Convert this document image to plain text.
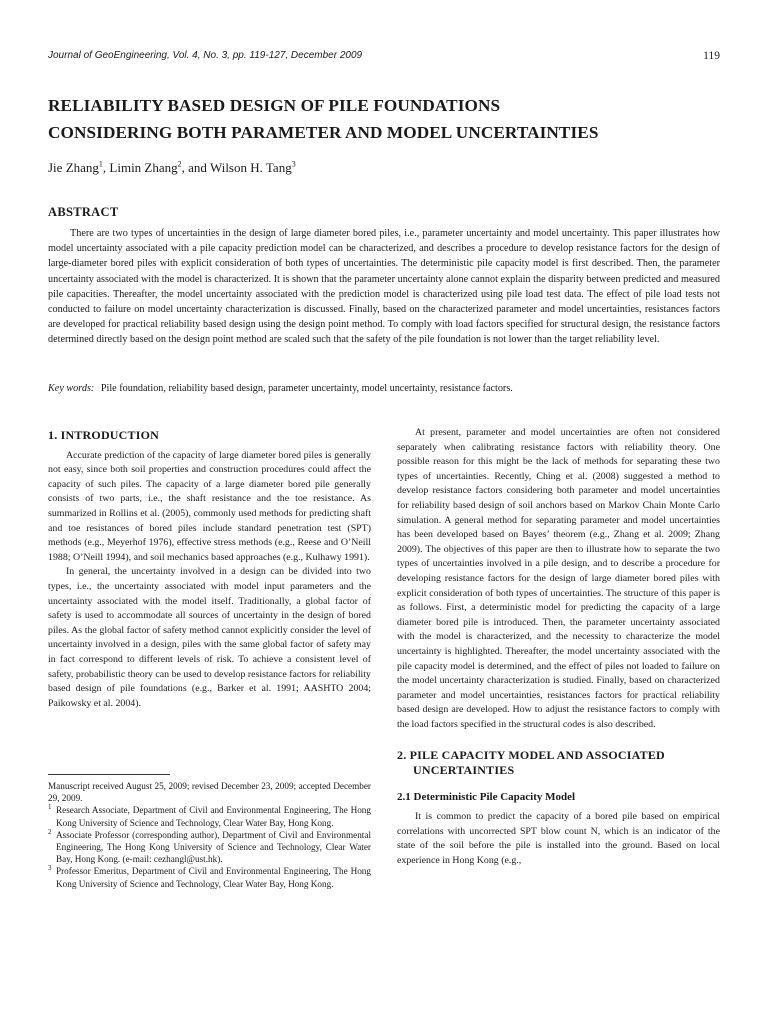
Journal of GeoEngineering, Vol. 4, No. 3, pp. 119-127, December 2009	119
RELIABILITY BASED DESIGN OF PILE FOUNDATIONS
CONSIDERING BOTH PARAMETER AND MODEL UNCERTAINTIES
Jie Zhang$^1$, Limin Zhang$^2$, and Wilson H. Tang$^3$
ABSTRACT

There are two types of uncertainties in the design of large diameter bored piles, i.e., parameter uncertainty and model uncertainty. This paper illustrates how model uncertainty associated with a pile capacity prediction model can be characterized, and describes a procedure to develop resistance factors for the design of large-diameter bored piles with explicit consideration of both types of uncertainties. The deterministic pile capacity model is first described. Then, the parameter uncertainty associated with the model is characterized. It is shown that the parameter uncertainty alone cannot explain the disparity between predicted and measured pile capacities. Thereafter, the model uncertainty associated with the prediction model is characterized using pile load test data. The effect of pile load tests not conducted to failure on model uncertainty characterization is discussed. Finally, based on the characterized parameter and model uncertainties, resistances factors are developed for practical reliability based design using the design point method. To comply with load factors specified for structural design, the resistance factors determined directly based on the design point method are scaled such that the safety of the pile foundation is not lower than the target reliability level.

Key words: Pile foundation, reliability based design, parameter uncertainty, model uncertainty, resistance factors.
1. INTRODUCTION

Accurate prediction of the capacity of large diameter bored piles is generally not easy, since both soil properties and construction procedures could affect the capacity of such piles. The capacity of a large diameter bored pile generally consists of two parts, i.e., the shaft resistance and the toe resistance. As summarized in Rollins et al. (2005), commonly used methods for predicting shaft and toe resistances of bored piles include standard penetration test (SPT) methods (e.g., Meyerhof 1976), effective stress methods (e.g., Reese and O’Neill 1988; O’Neill 1994), and soil mechanics based approaches (e.g., Kulhawy 1991).

In general, the uncertainty involved in a design can be divided into two types, i.e., the uncertainty associated with model input parameters and the uncertainty associated with the model itself. Traditionally, a global factor of safety is used to accommodate all sources of uncertainty in the design of bored piles. As the global factor of safety method cannot explicitly consider the level of uncertainty involved in a design, piles with the same global factor of safety may in fact correspond to different levels of risk. To achieve a consistent level of safety, probabilistic theory can be used to develop resistance factors for reliability based design of pile foundations (e.g., Barker et al. 1991; AASHTO 2004; Paikowsky et al. 2004).

Manuscript received August 25, 2009; revised December 23, 2009; accepted December 29, 2009.

1 Research Associate, Department of Civil and Environmental Engineering, The Hong Kong University of Science and Technology, Clear Water Bay, Hong Kong.

2 Associate Professor (corresponding author), Department of Civil and Environmental Engineering, The Hong Kong University of Science and Technology, Clear Water Bay, Hong Kong. (e-mail: cezhangl@ust.hk).

3 Professor Emeritus, Department of Civil and Environmental Engineering, The Hong Kong University of Science and Technology, Clear Water Bay, Hong Kong.

At present, parameter and model uncertainties are often not considered separately when calibrating resistance factors with reliability theory. One possible reason for this might be the lack of methods for separating these two types of uncertainties. Recently, Ching et al. (2008) suggested a method to develop resistance factors considering both parameter and model uncertainties for reliability based design of soil anchors based on Markov Chain Monte Carlo simulation. A general method for separating parameter and model uncertainties has been developed based on Bayes’ theorem (e.g., Zhang et al. 2009; Zhang 2009). The objectives of this paper are then to illustrate how to separate the two types of uncertainties involved in a pile design, and to describe a procedure for developing resistance factors for the design of large diameter bored piles with explicit consideration of both types of uncertainties. The structure of this paper is as follows. First, a deterministic model for predicting the capacity of a large diameter bored pile is introduced. Then, the parameter uncertainty associated with the model is characterized, and the necessity to characterize the model uncertainty is highlighted. Thereafter, the model uncertainty associated with the pile capacity model is determined, and the effect of piles not loaded to failure on the model uncertainty characterization is studied. Finally, based on characterized parameter and model uncertainties, resistances factors for practical reliability based design are developed. How to adjust the resistance factors to comply with the load factors specified in the structural codes is also described.

2. PILE CAPACITY MODEL AND ASSOCIATED
UNCERTAINTIES
2.1 Deterministic Pile Capacity Model

It is common to predict the capacity of a bored pile based on empirical correlations with uncorrected SPT blow count N, which is an indicator of the state of the soil before the pile is installed into the ground. Based on local experience in Hong Kong (e.g.,
